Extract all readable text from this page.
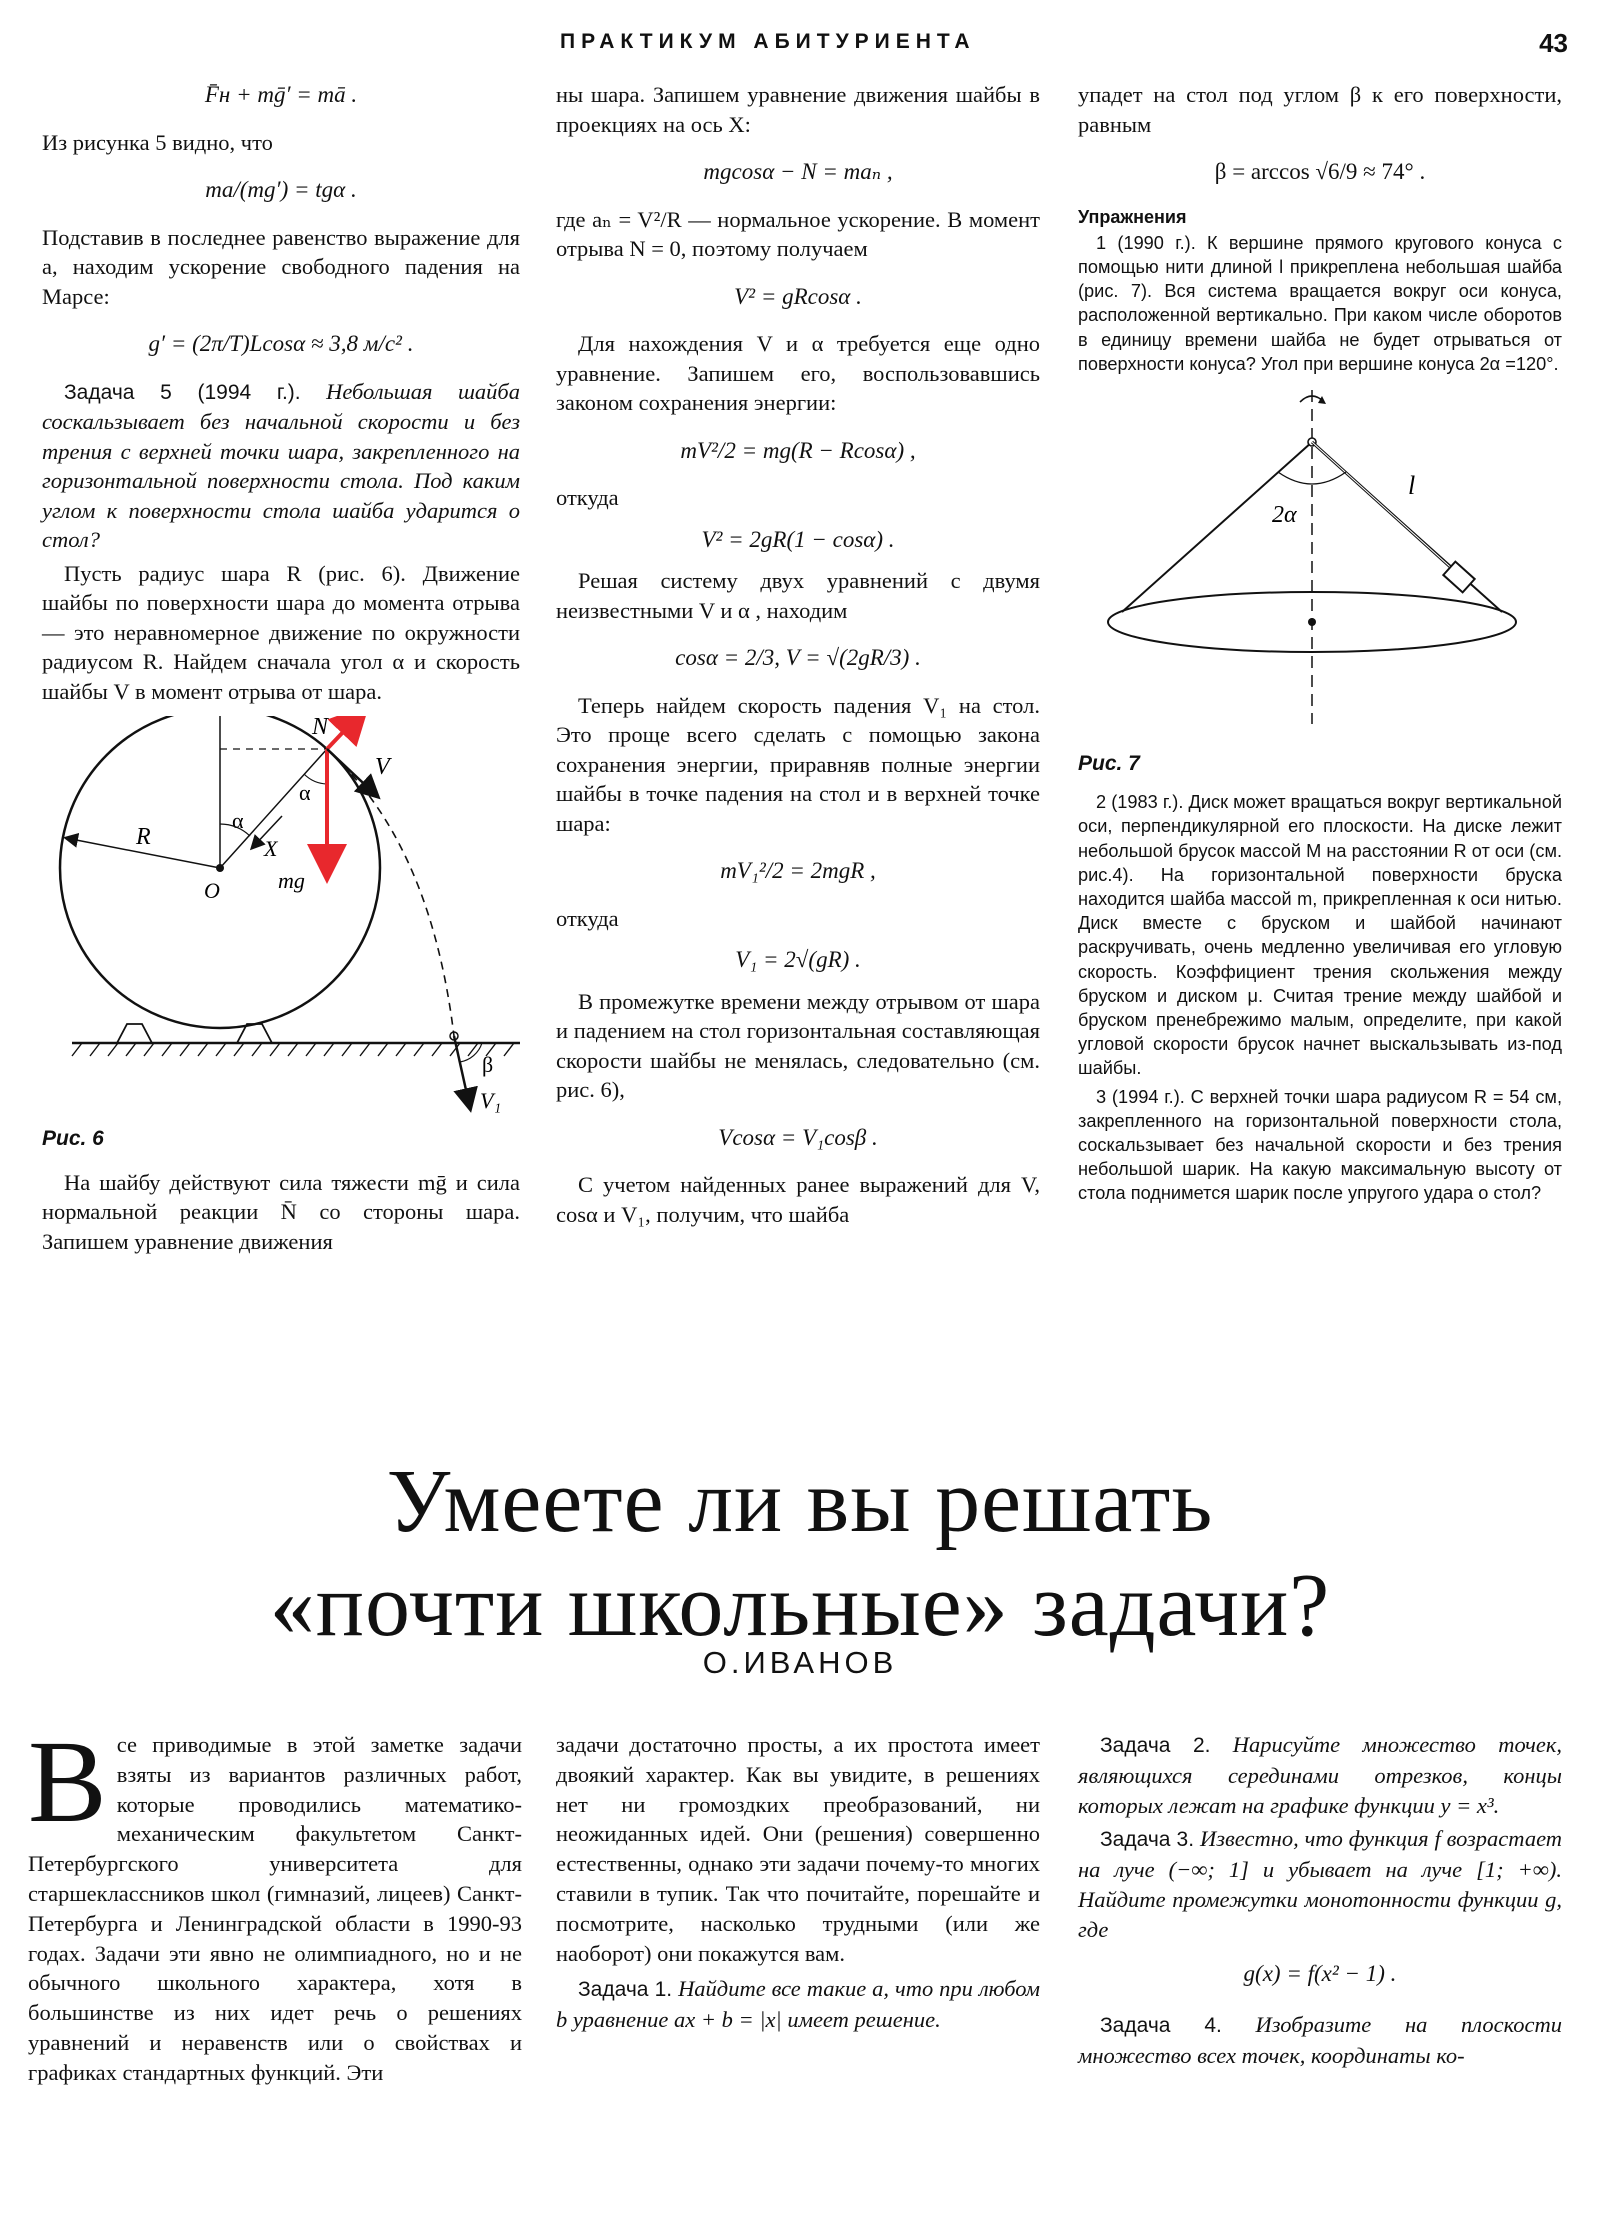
ПРАКТИКУМ АБИТУРИЕНТА	43
F̄н + mḡ′ = mā .

Из рисунка 5 видно, что

ma/(mg′) = tgα .

Подставив в последнее равенство выражение для a, находим ускорение свободного падения на Марсе:

g′ = (2π/T)Lcosα ≈ 3,8 м/с² .

Задача 5 (1994 г.). Небольшая шайба соскальзывает без начальной скорости и без трения с верхней точки шара, закрепленного на горизонтальной поверхности стола. Под каким углом к поверхности стола шайба ударится о стол?

Пусть радиус шара R (рис. 6). Движение шайбы по поверхности шара до момента отрыва — это неравномерное движение по окружности радиусом R. Найдем сначала угол α и скорость шайбы V в момент отрыва от шара.

R	X
O
α
α
N
mg
V
β
V₁
Рис. 6

На шайбу действуют сила тяжести mḡ и сила нормальной реакции N̄ со стороны шара. Запишем уравнение движения

ны шара. Запишем уравнение движения шайбы в проекциях на ось X:

mgcosα − N = maₙ ,

где aₙ = V²/R — нормальное ускорение. В момент отрыва N = 0, поэтому получаем

V² = gRcosα .

Для нахождения V и α требуется еще одно уравнение. Запишем его, воспользовавшись законом сохранения энергии:

mV²/2 = mg(R − Rcosα) ,

откуда

V² = 2gR(1 − cosα) .

Решая систему двух уравнений с двумя неизвестными V и α , находим

cosα = 2/3, V = √(2gR/3) .

Теперь найдем скорость падения V₁ на стол. Это проще всего сделать с помощью закона сохранения энергии, приравняв полные энергии шайбы в точке падения на стол и в верхней точке шара:

mV₁²/2 = 2mgR ,

откуда

V₁ = 2√(gR) .

В промежутке времени между отрывом от шара и падением на стол горизонтальная составляющая скорости шайбы не менялась, следовательно (см. рис. 6),

Vcosα = V₁cosβ .

С учетом найденных ранее выражений для V, cosα и V₁, получим, что шайба

упадет на стол под углом β к его поверхности, равным

β = arccos √6/9 ≈ 74° .
Упражнения

1 (1990 г.). К вершине прямого кругового конуса с помощью нити длиной l прикреплена небольшая шайба (рис. 7). Вся система вращается вокруг оси конуса, расположенной вертикально. При каком числе оборотов в единицу времени шайба не будет отрываться от поверхности конуса? Угол при вершине конуса 2α =120°.

l
2α
Рис. 7

2 (1983 г.). Диск может вращаться вокруг вертикальной оси, перпендикулярной его плоскости. На диске лежит небольшой брусок массой M на расстоянии R от оси (см. рис.4). На горизонтальной поверхности бруска находится шайба массой m, прикрепленная к оси нитью. Диск вместе с бруском и шайбой начинают раскручивать, очень медленно увеличивая его угловую скорость. Коэффициент трения скольжения между бруском и диском μ. Считая трение между шайбой и бруском пренебрежимо малым, определите, при какой угловой скорости брусок начнет выскальзывать из-под шайбы.

3 (1994 г.). С верхней точки шара радиусом R = 54 см, закрепленного на горизонтальной поверхности стола, соскальзывает без начальной скорости и без трения небольшой шарик. На какую максимальную высоту от стола поднимется шарик после упругого удара о стол?

Умеете ли вы решать
«почти школьные» задачи?
О.ИВАНОВ

Все приводимые в этой заметке задачи взяты из вариантов различных работ, которые проводились математико-механическим факультетом Санкт-Петербургского университета для старшеклассников школ (гимназий, лицеев) Санкт-Петербурга и Ленинградской области в 1990-93 годах. Задачи эти явно не олимпиадного, но и не обычного школьного характера, хотя в большинстве из них идет речь о решениях уравнений и неравенств или о свойствах и графиках стандартных функций. Эти

задачи достаточно просты, а их простота имеет двоякий характер. Как вы увидите, в решениях нет ни громоздких преобразований, ни неожиданных идей. Они (решения) совершенно естественны, однако эти задачи почему-то многих ставили в тупик. Так что почитайте, порешайте и посмотрите, насколько трудными (или же наоборот) они покажутся вам.

Задача 1. Найдите все такие a, что при любом b уравнение ax + b = |x| имеет решение.

Задача 2. Нарисуйте множество точек, являющихся серединами отрезков, концы которых лежат на графике функции y = x³.

Задача 3. Известно, что функция f возрастает на луче (−∞; 1] и убывает на луче [1; +∞). Найдите промежутки монотонности функции g, где

g(x) = f(x² − 1) .

Задача 4. Изобразите на плоскости множество всех точек, координаты ко-
